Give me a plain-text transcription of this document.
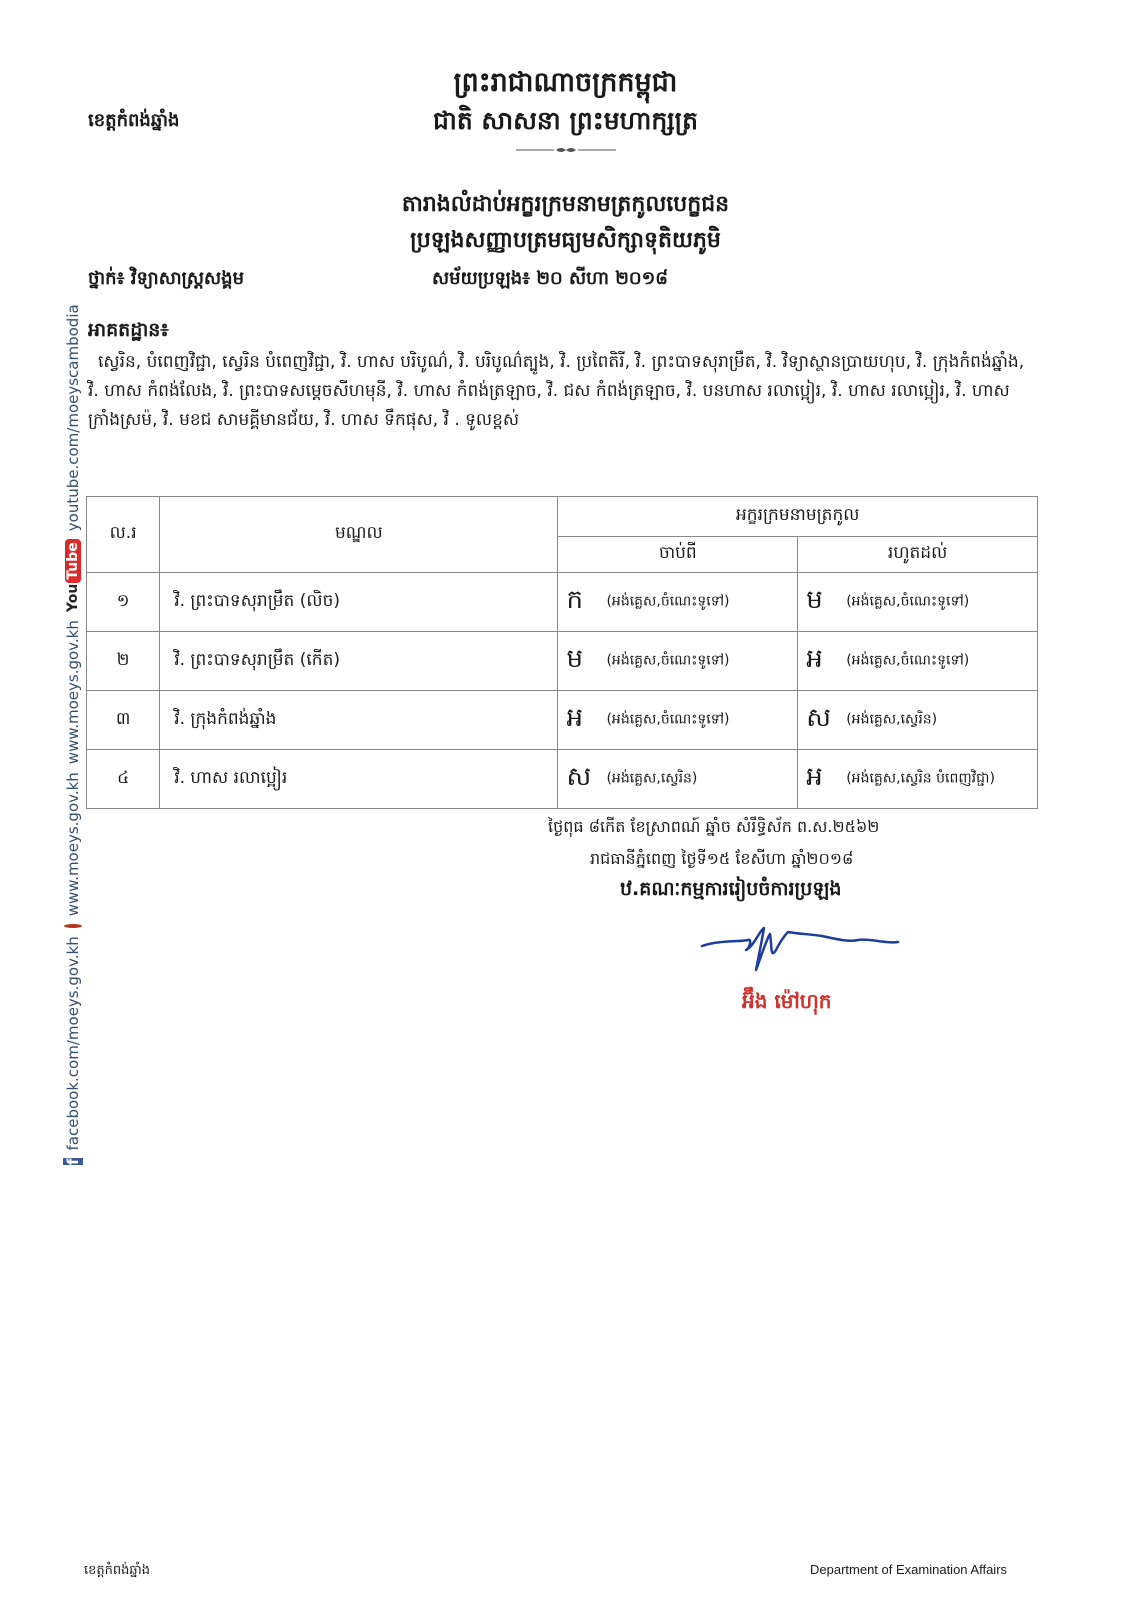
ព្រះរាជាណាចក្រកម្ពុជា
ជាតិ សាសនា ព្រះមហាក្សត្រ
ខេត្តកំពង់ឆ្នាំង
តារាងលំដាប់អក្ខរក្រមនាមត្រកូលបេក្ខជន
ប្រឡងសញ្ញាបត្រមធ្យមសិក្សាទុតិយភូមិ
ថ្នាក់៖ វិទ្យាសាស្ត្រសង្គម	សម័យប្រឡង៖ ២០ សីហា ២០១៨
អាគតដ្ឋាន៖
ស្វេរិន, បំពេញវិជ្ជា, ស្វេរិន បំពេញវិជ្ជា, វិ. ហាស បរិបូណ៌, វិ. បរិបូណ៌ត្បូង, វិ. ប្រពៃតិរី, វិ. ព្រះបាទសុរាម្រឹត, វិ. វិទ្យាស្ថានប្រាយហុប, វិ. ក្រុងកំពង់ឆ្នាំង, វិ. ហាស កំពង់លែង, វិ. ព្រះបាទសម្តេចសីហមុនី, វិ. ហាស កំពង់ត្រឡាច, វិ. ជស កំពង់ត្រឡាច, វិ. បនហាស រលាប្អៀរ, វិ. ហាស រលាប្អៀរ, វិ. ហាស ក្រាំងស្រម៉, វិ. មខជ សាមគ្គីមានជ័យ, វិ. ហាស ទឹកផុស, វិ . ទូលខ្ពស់
ល.រ	មណ្ឌល	អក្ខរក្រមនាមត្រកូល	
		ចាប់ពី	រហូតដល់
១	វិ. ព្រះបាទសុរាម្រឹត (លិច)	ក (អង់គ្លេស,ចំណេះទូទៅ)	ម (អង់គ្លេស,ចំណេះទូទៅ)
២	វិ. ព្រះបាទសុរាម្រឹត (កើត)	ម (អង់គ្លេស,ចំណេះទូទៅ)	អ (អង់គ្លេស,ចំណេះទូទៅ)
៣	វិ. ក្រុងកំពង់ឆ្នាំង	អ (អង់គ្លេស,ចំណេះទូទៅ)	ស (អង់គ្លេស,ស្វេរិន)
៤	វិ. ហាស រលាប្អៀរ	ស (អង់គ្លេស,ស្វេរិន)	អ (អង់គ្លេស,ស្វេរិន បំពេញវិជ្ជា)
ថ្ងៃពុធ ៨កើត ខែស្រាពណ៍ ឆ្នាំច សំរឹទ្ធិស័ក ព.ស.២៥៦២
រាជធានីភ្នំពេញ ថ្ងៃទី១៥ ខែសីហា ឆ្នាំ២០១៨
ឋ.គណៈកម្មការរៀបចំការប្រឡង
អ៊ឹង ម៉ៅហុក
f
facebook.com/moeys.gov.kh
www.moeys.gov.kh
www.moeys.gov.kh
You
Tube
youtube.com/moeyscambodia
ខេត្តកំពង់ឆ្នាំង	Department of Examination Affairs
